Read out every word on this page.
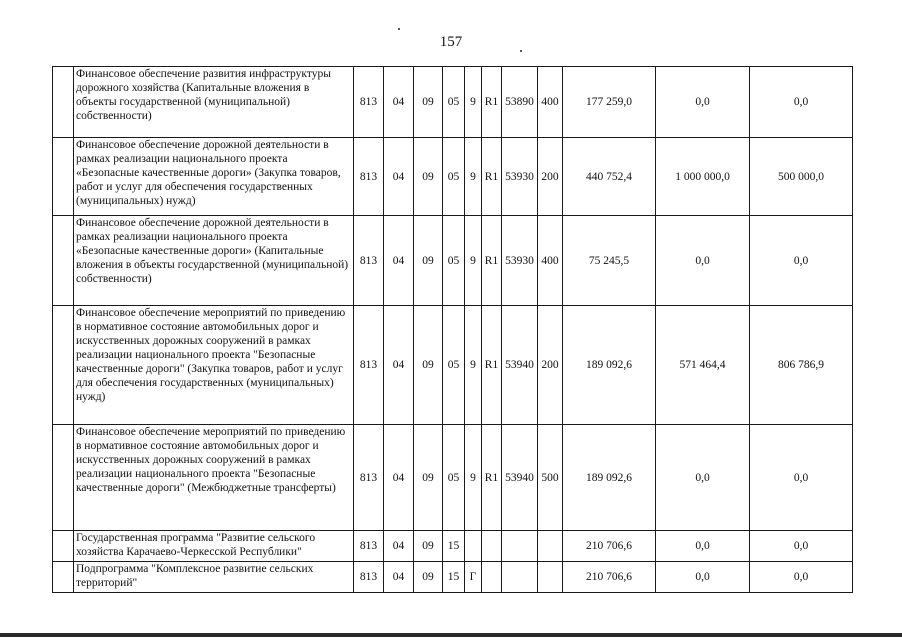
157
	Финансовое обеспечение развития инфраструктуры дорожного хозяйства (Капитальные вложения в объекты государственной (муниципальной) собственности)	813	04	09	05	9	R1	53890	400	177 259,0	0,0	0,0
	Финансовое обеспечение дорожной деятельности в рамках реализации национального проекта «Безопасные качественные дороги» (Закупка товаров, работ и услуг для обеспечения государственных (муниципальных) нужд)	813	04	09	05	9	R1	53930	200	440 752,4	1 000 000,0	500 000,0
	Финансовое обеспечение дорожной деятельности в рамках реализации национального проекта «Безопасные качественные дороги» (Капитальные вложения в объекты государственной (муниципальной) собственности)	813	04	09	05	9	R1	53930	400	75 245,5	0,0	0,0
	Финансовое обеспечение мероприятий по приведению в нормативное состояние автомобильных дорог и искусственных дорожных сооружений в рамках реализации национального проекта "Безопасные качественные дороги" (Закупка товаров, работ и услуг для обеспечения государственных (муниципальных) нужд)	813	04	09	05	9	R1	53940	200	189 092,6	571 464,4	806 786,9
	Финансовое обеспечение мероприятий по приведению в нормативное состояние автомобильных дорог и искусственных дорожных сооружений в рамках реализации национального проекта "Безопасные качественные дороги" (Межбюджетные трансферты)	813	04	09	05	9	R1	53940	500	189 092,6	0,0	0,0
	Государственная программа "Развитие сельского хозяйства Карачаево-Черкесской Республики"	813	04	09	15					210 706,6	0,0	0,0
	Подпрограмма "Комплексное развитие сельских территорий"	813	04	09	15	Г				210 706,6	0,0	0,0
